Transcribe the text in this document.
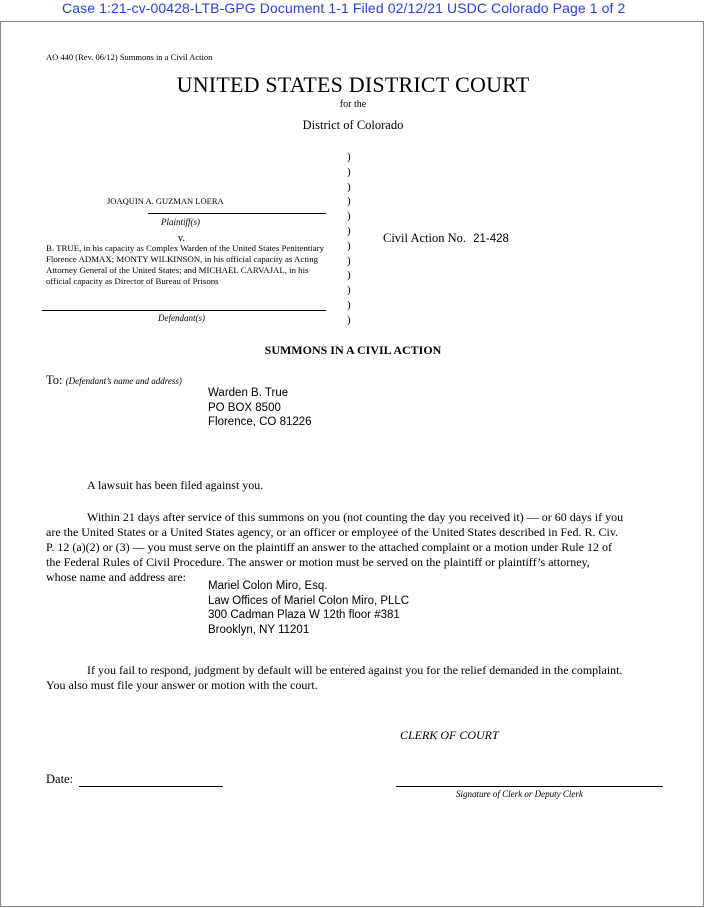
Case 1:21-cv-00428-LTB-GPG Document 1-1 Filed 02/12/21 USDC Colorado Page 1 of 2
AO 440 (Rev. 06/12) Summons in a Civil Action
UNITED STATES DISTRICT COURT
for the
District of Colorado
JOAQUIN A. GUZMAN LOERA
Plaintiff(s)
v.
B. TRUE, in his capacity as Complex Warden of the United States Penitentiary Florence ADMAX; MONTY WILKINSON, in his official capacity as Acting Attorney General of the United States; and MICHAEL CARVAJAL, in his official capacity as Director of Bureau of Prisons
Defendant(s)
)
)
)
)
)
)
)
)
)
)
)
)
Civil Action No. 21-428
SUMMONS IN A CIVIL ACTION
To: (Defendant’s name and address)
Warden B. True
PO BOX 8500
Florence, CO 81226
A lawsuit has been filed against you.
Within 21 days after service of this summons on you (not counting the day you received it) — or 60 days if you
are the United States or a United States agency, or an officer or employee of the United States described in Fed. R. Civ.
P. 12 (a)(2) or (3) — you must serve on the plaintiff an answer to the attached complaint or a motion under Rule 12 of
the Federal Rules of Civil Procedure. The answer or motion must be served on the plaintiff or plaintiff’s attorney,
whose name and address are:
Mariel Colon Miro, Esq.
Law Offices of Mariel Colon Miro, PLLC
300 Cadman Plaza W 12th floor #381
Brooklyn, NY 11201
If you fail to respond, judgment by default will be entered against you for the relief demanded in the complaint.
You also must file your answer or motion with the court.
CLERK OF COURT
Date:
Signature of Clerk or Deputy Clerk
